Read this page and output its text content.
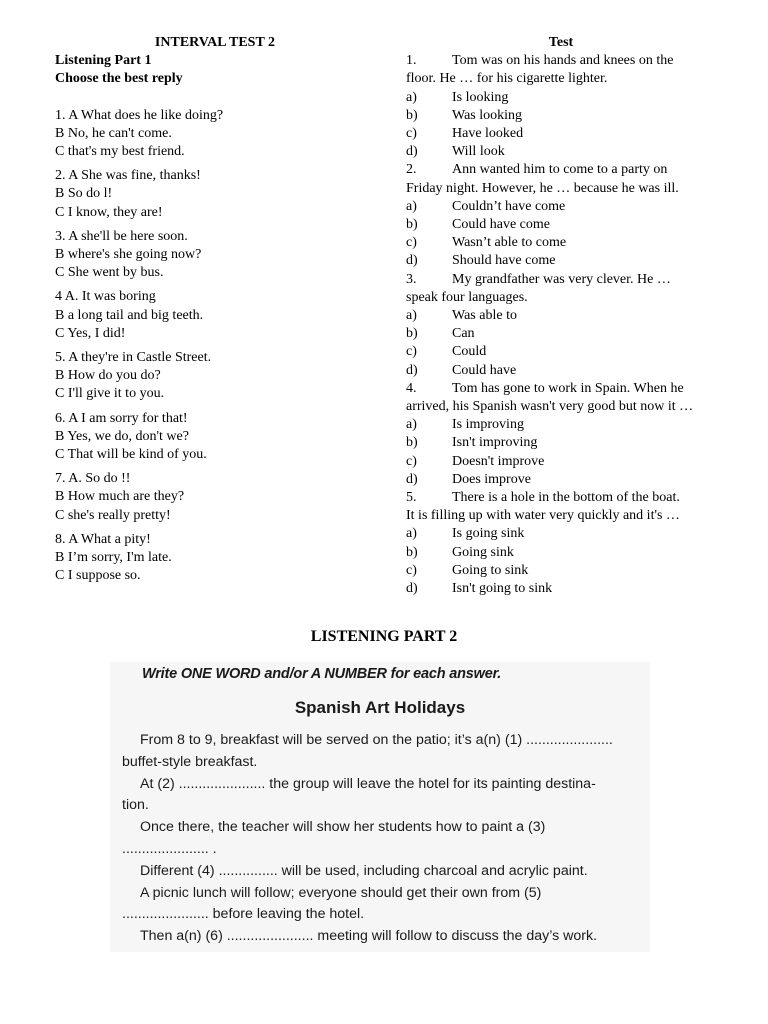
INTERVAL TEST 2
Listening Part 1
Choose the best reply
1. A What does he like doing?
B No, he can't come.
C that's my best friend.
2. A She was fine, thanks!
B So do l!
C I know, they are!
3. A she'll be here soon.
B where's she going now?
C She went by bus.
4 A. It was boring
B a long tail and big teeth.
C Yes, I did!
5. A they're in Castle Street.
B How do you do?
C I'll give it to you.
6. A I am sorry for that!
B Yes, we do, don't we?
C That will be kind of you.
7. A. So do !!
B How much are they?
C she's really pretty!
8. A What a pity!
B I’m sorry, I'm late.
C I suppose so.
Test
1.	Tom was on his hands and knees on the
floor. He … for his cigarette lighter.
a)	Is looking
b)	Was looking
c)	Have looked
d)	Will look
2.	Ann wanted him to come to a party on
Friday night. However, he … because he was ill.
a)	Couldn’t have come
b)	Could have come
c)	Wasn’t able to come
d)	Should have come
3.	My grandfather was very clever. He …
speak four languages.
a)	Was able to
b)	Can
c)	Could
d)	Could have
4.	Tom has gone to work in Spain. When he
arrived, his Spanish wasn't very good but now it …
a)	Is improving
b)	Isn't improving
c)	Doesn't improve
d)	Does improve
5.	There is a hole in the bottom of the boat.
It is filling up with water very quickly and it's …
a)	Is going sink
b)	Going sink
c)	Going to sink
d)	Isn't going to sink
LISTENING PART 2
Write ONE WORD and/or A NUMBER for each answer.
Spanish Art Holidays

From 8 to 9, breakfast will be served on the patio; it’s a(n) (1) ......................

buffet-style breakfast.

At (2) ...................... the group will leave the hotel for its painting destina-

tion.

Once there, the teacher will show her students how to paint a (3)

...................... .

Different (4) ............... will be used, including charcoal and acrylic paint.

A picnic lunch will follow; everyone should get their own from (5)

...................... before leaving the hotel.

Then a(n) (6) ...................... meeting will follow to discuss the day’s work.
